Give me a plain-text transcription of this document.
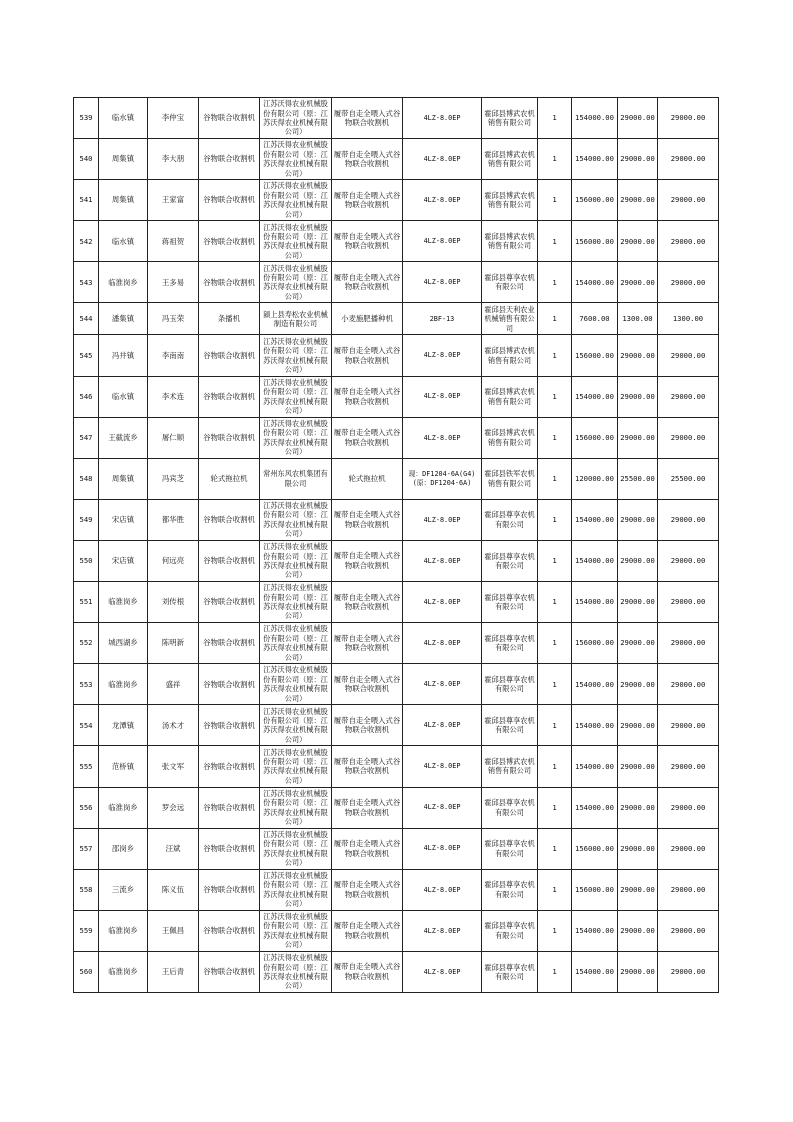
539	临水镇	李仲宝	谷物联合收割机	江苏沃得农业机械股份有限公司（原：江苏沃得农业机械有限公司）	履带自走全喂入式谷物联合收割机	4LZ-8.0EP	霍邱县博武农机销售有限公司	1	154000.00	29000.00	29000.00
540	周集镇	李大朋	谷物联合收割机	江苏沃得农业机械股份有限公司（原：江苏沃得农业机械有限公司）	履带自走全喂入式谷物联合收割机	4LZ-8.0EP	霍邱县博武农机销售有限公司	1	154000.00	29000.00	29000.00
541	周集镇	王家富	谷物联合收割机	江苏沃得农业机械股份有限公司（原：江苏沃得农业机械有限公司）	履带自走全喂入式谷物联合收割机	4LZ-8.0EP	霍邱县博武农机销售有限公司	1	156000.00	29000.00	29000.00
542	临水镇	蒋祖贺	谷物联合收割机	江苏沃得农业机械股份有限公司（原：江苏沃得农业机械有限公司）	履带自走全喂入式谷物联合收割机	4LZ-8.0EP	霍邱县博武农机销售有限公司	1	156000.00	29000.00	29000.00
543	临淮岗乡	王多易	谷物联合收割机	江苏沃得农业机械股份有限公司（原：江苏沃得农业机械有限公司）	履带自走全喂入式谷物联合收割机	4LZ-8.0EP	霍邱县尊享农机有限公司	1	154000.00	29000.00	29000.00
544	潘集镇	冯玉荣	条播机	颍上县寿松农业机械制造有限公司	小麦施肥播种机	2BF-13	霍邱县天利农业机械销售有限公司	1	7600.00	1300.00	1300.00
545	冯井镇	李南南	谷物联合收割机	江苏沃得农业机械股份有限公司（原：江苏沃得农业机械有限公司）	履带自走全喂入式谷物联合收割机	4LZ-8.0EP	霍邱县博武农机销售有限公司	1	156000.00	29000.00	29000.00
546	临水镇	李术连	谷物联合收割机	江苏沃得农业机械股份有限公司（原：江苏沃得农业机械有限公司）	履带自走全喂入式谷物联合收割机	4LZ-8.0EP	霍邱县博武农机销售有限公司	1	154000.00	29000.00	29000.00
547	王截流乡	屠仁顺	谷物联合收割机	江苏沃得农业机械股份有限公司（原：江苏沃得农业机械有限公司）	履带自走全喂入式谷物联合收割机	4LZ-8.0EP	霍邱县博武农机销售有限公司	1	156000.00	29000.00	29000.00
548	周集镇	冯宾芝	轮式拖拉机	常州东风农机集团有限公司	轮式拖拉机	现：DF1204-6A(G4)(原：DF1204-6A)	霍邱县铁军农机销售有限公司	1	120000.00	25500.00	25500.00
549	宋店镇	都华胜	谷物联合收割机	江苏沃得农业机械股份有限公司（原：江苏沃得农业机械有限公司）	履带自走全喂入式谷物联合收割机	4LZ-8.0EP	霍邱县尊享农机有限公司	1	154000.00	29000.00	29000.00
550	宋店镇	何远亮	谷物联合收割机	江苏沃得农业机械股份有限公司（原：江苏沃得农业机械有限公司）	履带自走全喂入式谷物联合收割机	4LZ-8.0EP	霍邱县尊享农机有限公司	1	154000.00	29000.00	29000.00
551	临淮岗乡	刘传根	谷物联合收割机	江苏沃得农业机械股份有限公司（原：江苏沃得农业机械有限公司）	履带自走全喂入式谷物联合收割机	4LZ-8.0EP	霍邱县尊享农机有限公司	1	154000.00	29000.00	29000.00
552	城西湖乡	陈明新	谷物联合收割机	江苏沃得农业机械股份有限公司（原：江苏沃得农业机械有限公司）	履带自走全喂入式谷物联合收割机	4LZ-8.0EP	霍邱县尊享农机有限公司	1	156000.00	29000.00	29000.00
553	临淮岗乡	盛祥	谷物联合收割机	江苏沃得农业机械股份有限公司（原：江苏沃得农业机械有限公司）	履带自走全喂入式谷物联合收割机	4LZ-8.0EP	霍邱县尊享农机有限公司	1	154000.00	29000.00	29000.00
554	龙潭镇	汤术才	谷物联合收割机	江苏沃得农业机械股份有限公司（原：江苏沃得农业机械有限公司）	履带自走全喂入式谷物联合收割机	4LZ-8.0EP	霍邱县尊享农机有限公司	1	154000.00	29000.00	29000.00
555	范桥镇	张文军	谷物联合收割机	江苏沃得农业机械股份有限公司（原：江苏沃得农业机械有限公司）	履带自走全喂入式谷物联合收割机	4LZ-8.0EP	霍邱县博武农机销售有限公司	1	154000.00	29000.00	29000.00
556	临淮岗乡	罗会远	谷物联合收割机	江苏沃得农业机械股份有限公司（原：江苏沃得农业机械有限公司）	履带自走全喂入式谷物联合收割机	4LZ-8.0EP	霍邱县尊享农机有限公司	1	154000.00	29000.00	29000.00
557	邵岗乡	汪斌	谷物联合收割机	江苏沃得农业机械股份有限公司（原：江苏沃得农业机械有限公司）	履带自走全喂入式谷物联合收割机	4LZ-8.0EP	霍邱县尊享农机有限公司	1	156000.00	29000.00	29000.00
558	三流乡	陈义伍	谷物联合收割机	江苏沃得农业机械股份有限公司（原：江苏沃得农业机械有限公司）	履带自走全喂入式谷物联合收割机	4LZ-8.0EP	霍邱县尊享农机有限公司	1	156000.00	29000.00	29000.00
559	临淮岗乡	王佩昌	谷物联合收割机	江苏沃得农业机械股份有限公司（原：江苏沃得农业机械有限公司）	履带自走全喂入式谷物联合收割机	4LZ-8.0EP	霍邱县尊享农机有限公司	1	154000.00	29000.00	29000.00
560	临淮岗乡	王后青	谷物联合收割机	江苏沃得农业机械股份有限公司（原：江苏沃得农业机械有限公司）	履带自走全喂入式谷物联合收割机	4LZ-8.0EP	霍邱县尊享农机有限公司	1	154000.00	29000.00	29000.00
